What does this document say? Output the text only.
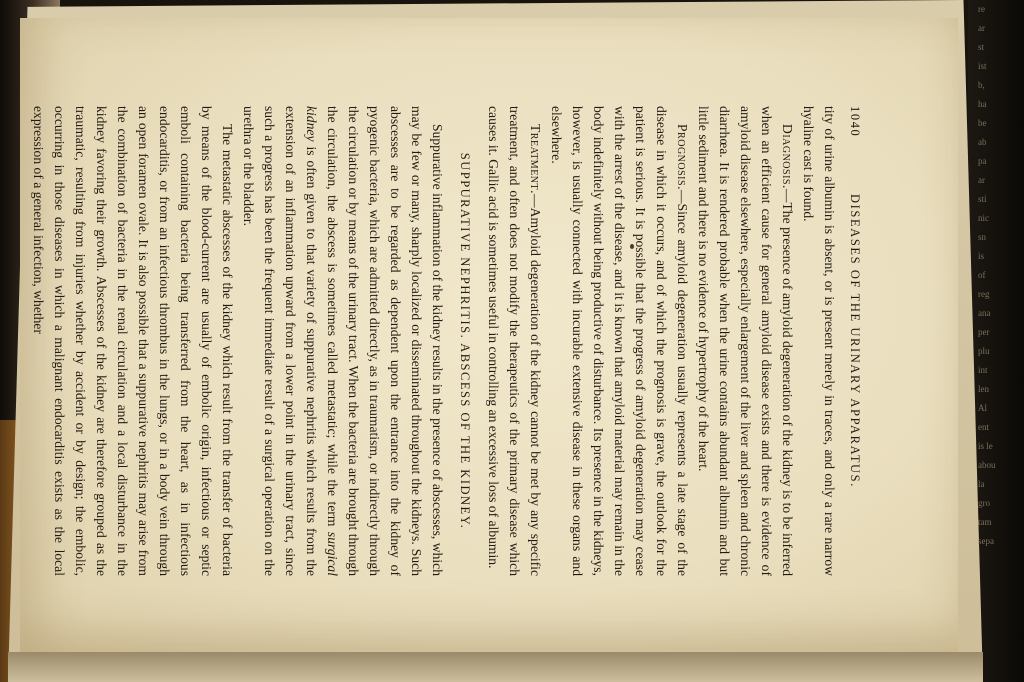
re
ar
st
ist
b,
ha
be
ab
pa
ar
sti
nic
sn
is
of
reg
ana
per
plu
int
len
Al
ent
is le
abou
la
gro
tam
sepa
1040
DISEASES OF THE URINARY APPARATUS.

tity of urine albumin is absent, or is present merely in traces, and only a rare narrow hyaline cast is found.

Diagnosis.—The presence of amyloid degeneration of the kidney is to be inferred when an efficient cause for general amyloid disease exists and there is evidence of amyloid disease elsewhere, especially enlargement of the liver and spleen and chronic diarrhœa. It is rendered probable when the urine contains abundant albumin and but little sediment and there is no evidence of hypertrophy of the heart.

Prognosis.—Since amyloid degeneration usually represents a late stage of the disease in which it occurs, and of which the prognosis is grave, the outlook for the patient is serious. It is possible that the progress of amyloid degeneration may cease with the arrest of the disease, and it is known that amyloid material may remain in the body indefinitely without being productive of disturbance. Its presence in the kidneys, however, is usually connected with incurable extensive disease in these organs and elsewhere.

Treatment.—Amyloid degeneration of the kidney cannot be met by any specific treatment, and often does not modify the therapeutics of the primary disease which causes it. Gallic acid is sometimes useful in controlling an excessive loss of albumin.

SUPPURATIVE NEPHRITIS. ABSCESS OF THE KIDNEY.

Suppurative inflammation of the kidney results in the presence of abscesses, which may be few or many, sharply localized or disseminated throughout the kidneys. Such abscesses are to be regarded as dependent upon the entrance into the kidney of pyogenic bacteria, which are admitted directly, as in traumatism, or indirectly through the circulation or by means of the urinary tract. When the bacteria are brought through the circulation, the abscess is sometimes called metastatic; while the term surgical kidney is often given to that variety of suppurative nephritis which results from the extension of an inflammation upward from a lower point in the urinary tract, since such a progress has been the frequent immediate result of a surgical operation on the urethra or the bladder.

The metastatic abscesses of the kidney which result from the transfer of bacteria by means of the blood-current are usually of embolic origin, infectious or septic emboli containing bacteria being transferred from the heart, as in infectious endocarditis, or from an infectious thrombus in the lungs, or in a body vein through an open foramen ovale. It is also possible that a suppurative nephritis may arise from the combination of bacteria in the renal circulation and a local disturbance in the kidney favoring their growth. Abscesses of the kidney are therefore grouped as the traumatic, resulting from injuries whether by accident or by design; the embolic, occurring in those diseases in which a malignant endocarditis exists as the local expression of a general infection, whether
